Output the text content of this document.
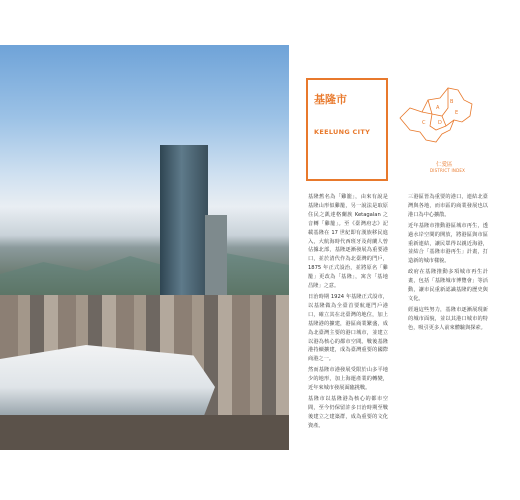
基隆市
KEELUNG CITY
A
B
C	D
E
仁愛區
DISTRICT INDEX

基隆舊名為「雞籠」，由來有說是基隆山形似雞籠，另一說法是取原住民之凱達格蘭族 Ketagalan 之音轉「雞籠」。至《臺灣府志》記載基隆在 17 世紀即有漢族移民進入，大航海時代西班牙及荷蘭人曾佔據北部，基隆逐漸發展為重要港口，並於清代作為北臺灣的門戶，1875 年正式設治，並將原名「雞籠」更改為「基隆」，寓含「基地昌隆」之意。

日治時期 1924 年基隆正式設市，以基隆做為全臺首要航運門戶港口，確立其在北臺灣的地位，加上基隆港的擴建，港區商業繁盛，成為北臺灣主要的港口城市，並建立以港為核心的都市空間。戰後基隆港持續擴建，成為臺灣重要的國際商港之一。

然而基隆市港發展受限於山多平地少的地形，加上海運產業的轉變，近年來城市發展面臨挑戰。

基隆市以基隆港為核心的都市空間，至今仍保留許多日治時期至戰後建立之建築群，成為重要的文化資產。

三港區皆為重要的港口，連結北臺灣與各地，而市區的商業發展也以港口為中心擴散。

近年基隆市推動港區城市再生，透過水岸空間的開放，將港區與市區重新連結，讓民眾得以親近海港，並結合「基隆市港再生」計畫，打造新的城市樣貌。

政府在基隆推動多項城市再生計畫，包括「基隆城市博覽會」等活動，讓市民重新認識基隆的歷史與文化。

經過這些努力，基隆市逐漸展現新的城市面貌，並以其港口城市的特色，吸引更多人前來體驗與探索。
